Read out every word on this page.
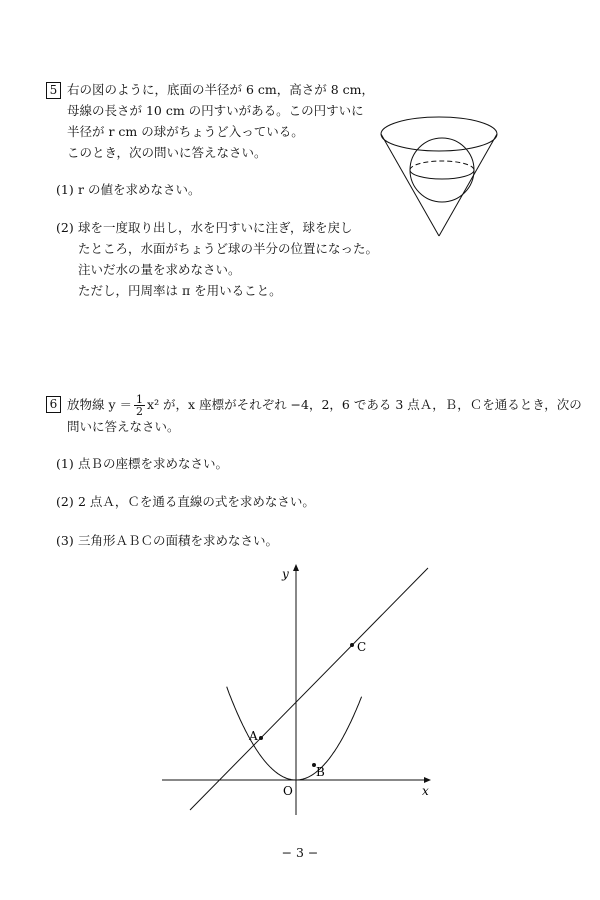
5 右の図のように，底面の半径が 6 cm，高さが 8 cm，
母線の長さが 10 cm の円すいがある。この円すいに
半径が r cm の球がちょうど入っている。
このとき，次の問いに答えなさい。
(1) r の値を求めなさい。
(2) 球を一度取り出し，水を円すいに注ぎ，球を戻し
たところ，水面がちょうど球の半分の位置になった。
注いだ水の量を求めなさい。
ただし，円周率は π を用いること。
6 放物線 $y = \frac{1}{2} x^2$ が，x 座標がそれぞれ −4，2，6 である 3 点Ａ，Ｂ，Ｃを通るとき，次の
問いに答えなさい。
(1) 点Ｂの座標を求めなさい。
(2) 2 点Ａ，Ｃを通る直線の式を求めなさい。
(3) 三角形ＡＢＣの面積を求めなさい。
y
x
O
A
B
C
− 3 −
